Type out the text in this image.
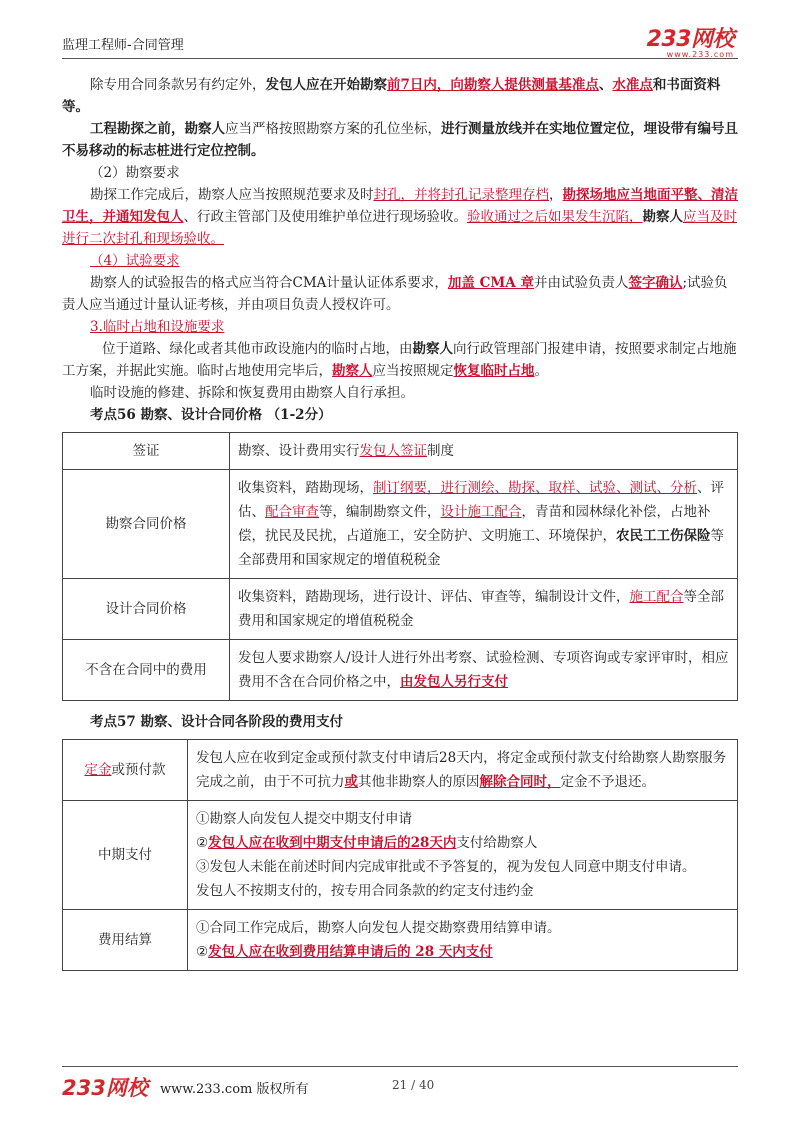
监理工程师-合同管理	233网校
www.233.com

除专用合同条款另有约定外，发包人应在开始勘察前7日内，向勘察人提供测量基准点、水准点和书面资料等。

工程勘探之前，勘察人应当严格按照勘察方案的孔位坐标，进行测量放线并在实地位置定位，埋设带有编号且不易移动的标志桩进行定位控制。

（2）勘察要求

勘探工作完成后，勘察人应当按照规范要求及时封孔，并将封孔记录整理存档，勘探场地应当地面平整、清洁卫生，并通知发包人、行政主管部门及使用维护单位进行现场验收。验收通过之后如果发生沉陷，勘察人应当及时进行二次封孔和现场验收。

（4）试验要求

勘察人的试验报告的格式应当符合CMA计量认证体系要求，加盖 CMA 章并由试验负责人签字确认;试验负责人应当通过计量认证考核，并由项目负责人授权许可。

3.临时占地和设施要求

位于道路、绿化或者其他市政设施内的临时占地，由勘察人向行政管理部门报建申请，按照要求制定占地施工方案，并据此实施。临时占地使用完毕后，勘察人应当按照规定恢复临时占地。

临时设施的修建、拆除和恢复费用由勘察人自行承担。

考点56 勘察、设计合同价格 （1-2分）

签证	勘察、设计费用实行发包人签证制度
勘察合同价格	收集资料，踏勘现场，制订纲要，进行测绘、勘探、取样、试验、测试、分析、评估、配合审查等，编制勘察文件，设计施工配合，青苗和园林绿化补偿，占地补偿，扰民及民扰，占道施工，安全防护、文明施工、环境保护，农民工工伤保险等全部费用和国家规定的增值税税金
设计合同价格	收集资料，踏勘现场，进行设计、评估、审查等，编制设计文件，施工配合等全部费用和国家规定的增值税税金
不含在合同中的费用	发包人要求勘察人/设计人进行外出考察、试验检测、专项咨询或专家评审时，相应费用不含在合同价格之中，由发包人另行支付

考点57 勘察、设计合同各阶段的费用支付

定金或预付款	发包人应在收到定金或预付款支付申请后28天内，将定金或预付款支付给勘察人勘察服务完成之前，由于不可抗力或其他非勘察人的原因解除合同时，定金不予退还。
中期支付	①勘察人向发包人提交中期支付申请
②发包人应在收到中期支付申请后的28天内支付给勘察人
③发包人未能在前述时间内完成审批或不予答复的，视为发包人同意中期支付申请。
发包人不按期支付的，按专用合同条款的约定支付违约金

费用结算	①合同工作完成后，勘察人向发包人提交勘察费用结算申请。
②发包人应在收到费用结算申请后的 28 天内支付
233网校 www.233.com 版权所有	21 / 40
